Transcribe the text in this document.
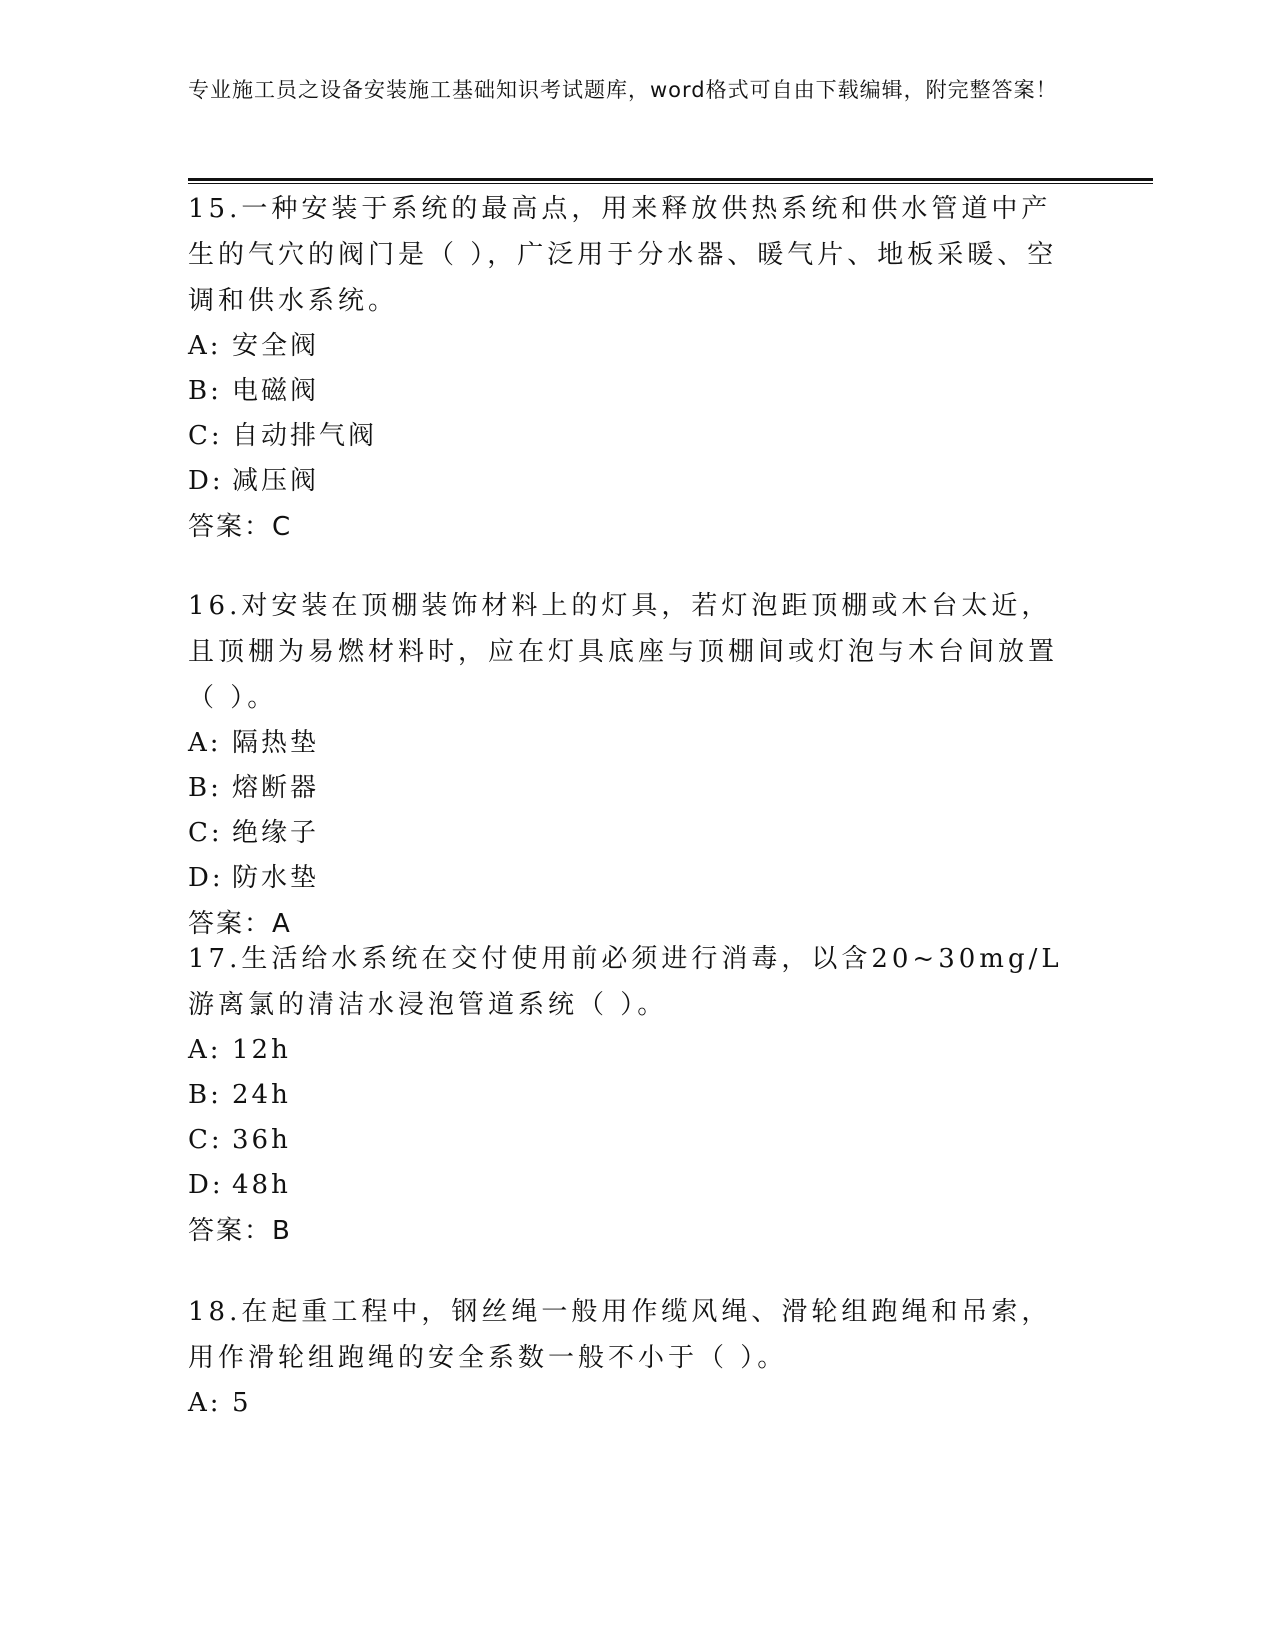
专业施工员之设备安装施工基础知识考试题库，word格式可自由下载编辑，附完整答案！

15.一种安装于系统的最高点，用来释放供热系统和供水管道中产生的气穴的阀门是（ ），广泛用于分水器、暖气片、地板采暖、空调和供水系统。

A: 安全阀

B: 电磁阀

C: 自动排气阀

D: 减压阀

答案：C

16.对安装在顶棚装饰材料上的灯具，若灯泡距顶棚或木台太近，且顶棚为易燃材料时，应在灯具底座与顶棚间或灯泡与木台间放置（ ）。

A: 隔热垫

B: 熔断器

C: 绝缘子

D: 防水垫

答案：A

17.生活给水系统在交付使用前必须进行消毒，以含20~30mg/L游离氯的清洁水浸泡管道系统（ ）。

A: 12h

B: 24h

C: 36h

D: 48h

答案：B

18.在起重工程中，钢丝绳一般用作缆风绳、滑轮组跑绳和吊索，用作滑轮组跑绳的安全系数一般不小于（ ）。

A: 5
